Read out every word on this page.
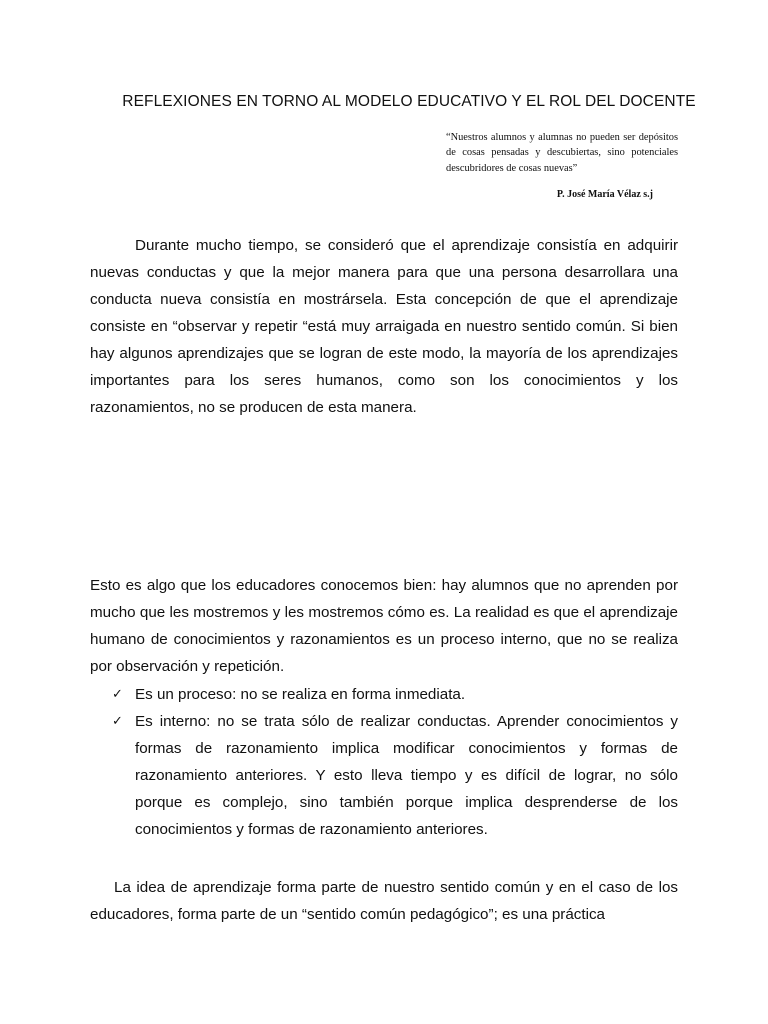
REFLEXIONES EN TORNO AL MODELO EDUCATIVO Y EL ROL DEL DOCENTE
“Nuestros alumnos y alumnas no pueden ser depósitos de cosas pensadas y descubiertas, sino potenciales descubridores de cosas nuevas”
P. José María Vélaz s.j

Durante mucho tiempo, se consideró que el aprendizaje consistía en adquirir nuevas conductas y que la mejor manera para que una persona desarrollara una conducta nueva consistía en mostrársela. Esta concepción de que el aprendizaje consiste en “observar y repetir “está muy arraigada en nuestro sentido común. Si bien hay algunos aprendizajes que se logran de este modo, la mayoría de los aprendizajes importantes para los seres humanos, como son los conocimientos y los razonamientos, no se producen de esta manera.

Esto es algo que los educadores conocemos bien: hay alumnos que no aprenden por mucho que les mostremos y les mostremos cómo es. La realidad es que el aprendizaje humano de conocimientos y razonamientos es un proceso interno, que no se realiza por observación y repetición.

✓ Es un proceso: no se realiza en forma inmediata.
✓ Es interno: no se trata sólo de realizar conductas. Aprender conocimientos y formas de razonamiento implica modificar conocimientos y formas de razonamiento anteriores. Y esto lleva tiempo y es difícil de lograr, no sólo porque es complejo, sino también porque implica desprenderse de los conocimientos y formas de razonamiento anteriores.

La idea de aprendizaje forma parte de nuestro sentido común y en el caso de los educadores, forma parte de un “sentido común pedagógico”; es una práctica
